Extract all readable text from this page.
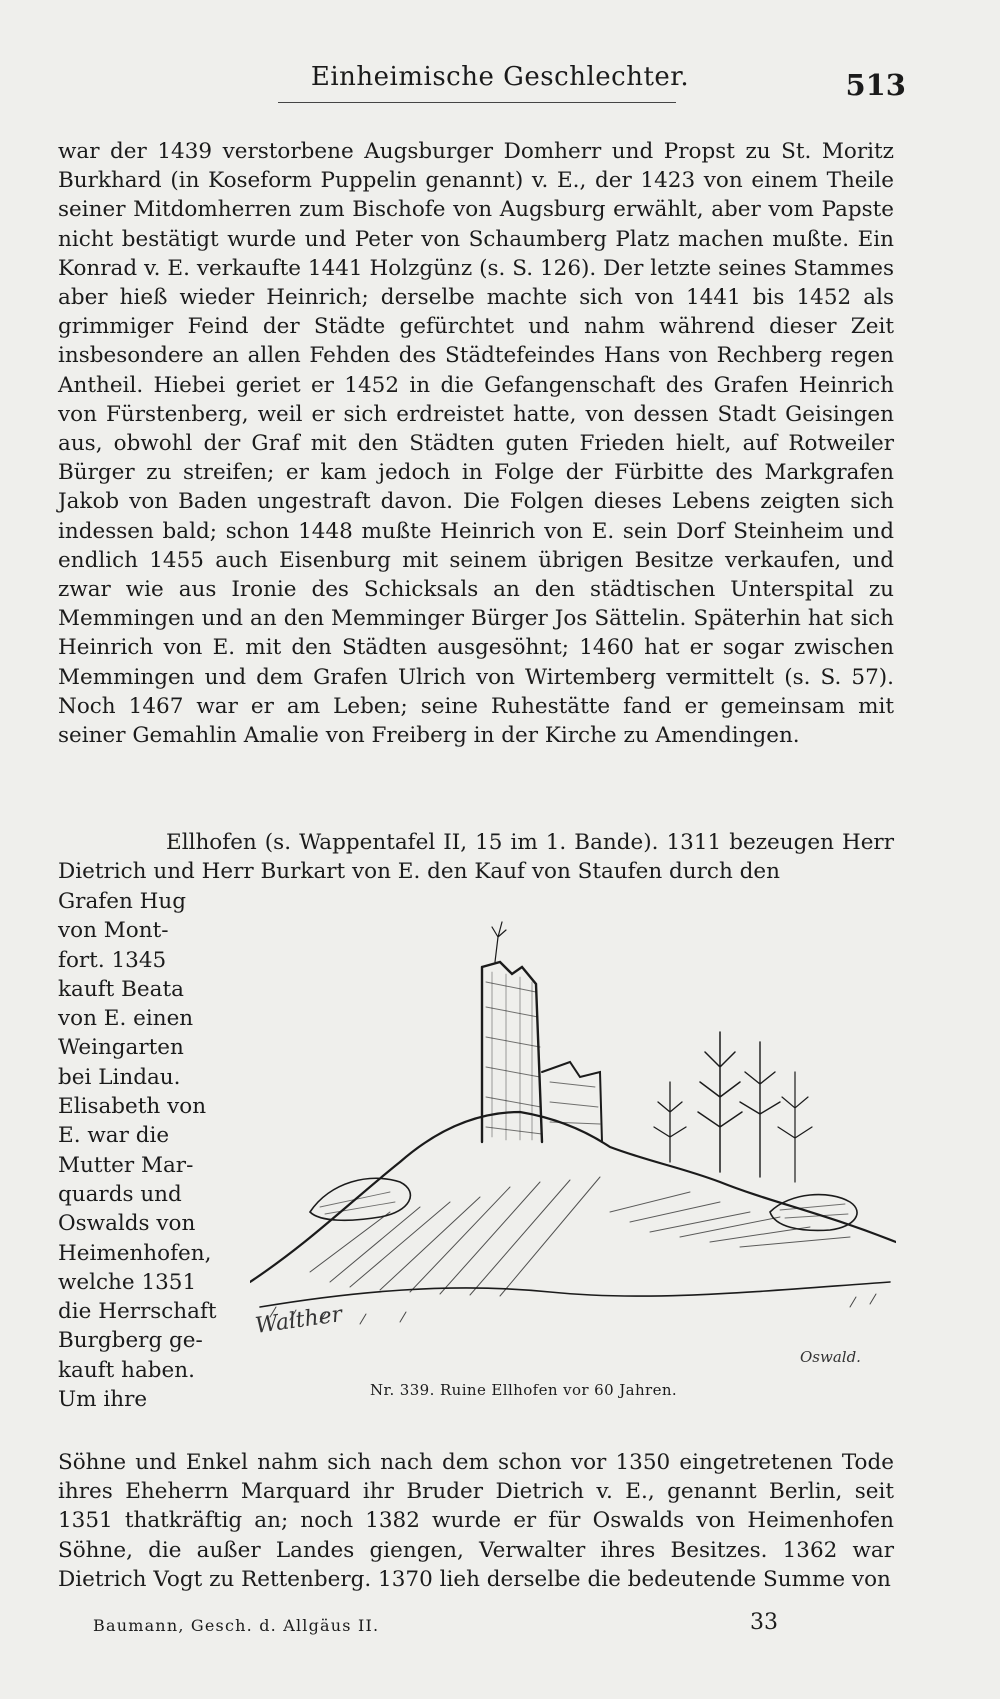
Einheimische Geschlechter.	513

war der 1439 verstorbene Augsburger Domherr und Propst zu St. Moritz Burkhard (in Koseform Puppelin genannt) v. E., der 1423 von einem Theile seiner Mitdomherren zum Bischofe von Augsburg erwählt, aber vom Papste nicht bestätigt wurde und Peter von Schaumberg Platz machen mußte. Ein Konrad v. E. verkaufte 1441 Holzgünz (s. S. 126). Der letzte seines Stammes aber hieß wieder Heinrich; derselbe machte sich von 1441 bis 1452 als grimmiger Feind der Städte gefürchtet und nahm während dieser Zeit insbesondere an allen Fehden des Städtefeindes Hans von Rechberg regen Antheil. Hiebei geriet er 1452 in die Gefangenschaft des Grafen Heinrich von Fürstenberg, weil er sich erdreistet hatte, von dessen Stadt Geisingen aus, obwohl der Graf mit den Städten guten Frieden hielt, auf Rotweiler Bürger zu streifen; er kam jedoch in Folge der Fürbitte des Markgrafen Jakob von Baden ungestraft davon. Die Folgen dieses Lebens zeigten sich indessen bald; schon 1448 mußte Heinrich von E. sein Dorf Steinheim und endlich 1455 auch Eisenburg mit seinem übrigen Besitze verkaufen, und zwar wie aus Ironie des Schicksals an den städtischen Unterspital zu Memmingen und an den Memminger Bürger Jos Sättelin. Späterhin hat sich Heinrich von E. mit den Städten ausgesöhnt; 1460 hat er sogar zwischen Memmingen und dem Grafen Ulrich von Wirtemberg vermittelt (s. S. 57). Noch 1467 war er am Leben; seine Ruhestätte fand er gemeinsam mit seiner Gemahlin Amalie von Freiberg in der Kirche zu Amendingen.

Ellhofen (s. Wappentafel II, 15 im 1. Bande). 1311 bezeugen Herr Dietrich und Herr Burkart von E. den Kauf von Staufen durch den

Grafen Hug
von Mont-
fort. 1345
kauft Beata
von E. einen
Weingarten
bei Lindau.
Elisabeth von
E. war die
Mutter Mar-
quards und
Oswalds von
Heimenhofen,
welche 1351
die Herrschaft
Burgberg ge-
kauft haben.
Um ihre
Walther
Oswald.
Nr. 339. Ruine Ellhofen vor 60 Jahren.

Söhne und Enkel nahm sich nach dem schon vor 1350 eingetretenen Tode ihres Eheherrn Marquard ihr Bruder Dietrich v. E., genannt Berlin, seit 1351 thatkräftig an; noch 1382 wurde er für Oswalds von Heimenhofen Söhne, die außer Landes giengen, Verwalter ihres Besitzes. 1362 war Dietrich Vogt zu Rettenberg. 1370 lieh derselbe die bedeutende Summe von

Baumann, Gesch. d. Allgäus II.	33
